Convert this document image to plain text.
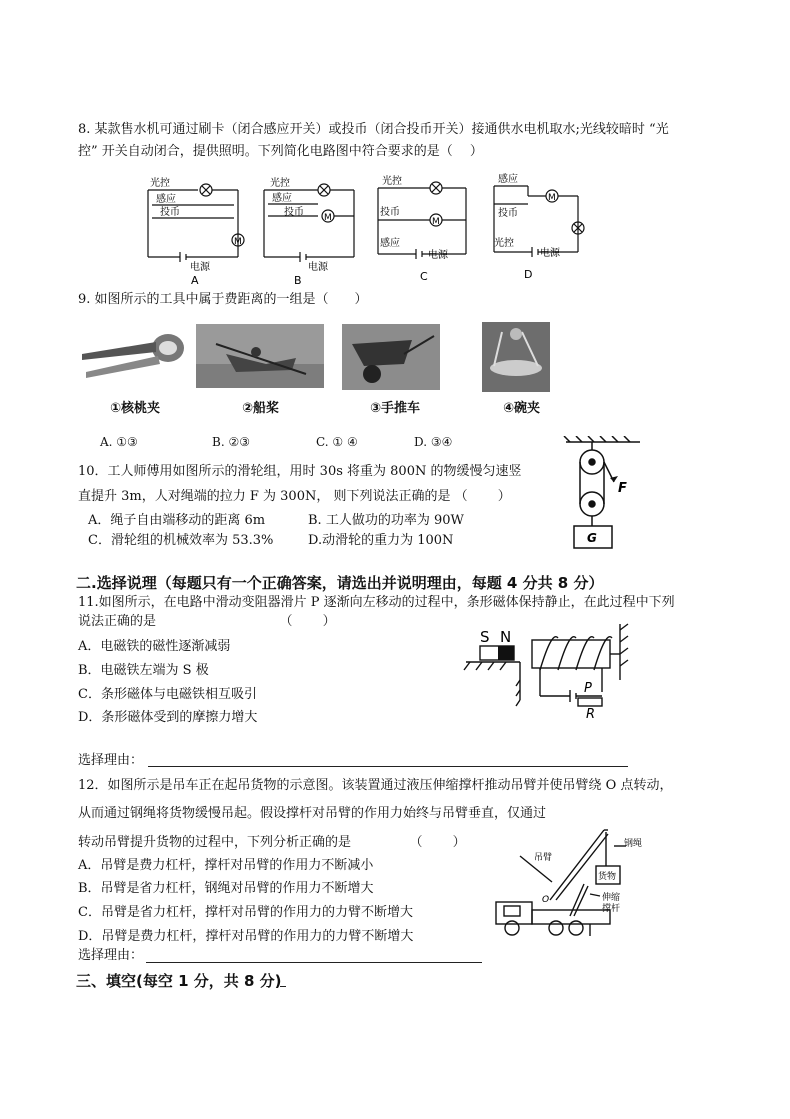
8. 某款售水机可通过刷卡（闭合感应开关）或投币（闭合投币开关）接通供水电机取水;光线较暗时 “光
控” 开关自动闭合，提供照明。下列简化电路图中符合要求的是（　 ）
光控
感应
投币
M
电源
A
光控
感应
投币 M
电源
B
光控
投币
感应
M
电源
C
感应
投币
光控
M
电源
D
9. 如图所示的工具中属于费距离的一组是（　　）
①核桃夹	②船桨	③手推车	④碗夹
A. ①③	B. ②③	C. ① ④	D. ③④
10．工人师傅用如图所示的滑轮组，用时 30s 将重为 800N 的物缓慢匀速竖
直提升 3m，人对绳端的拉力 F 为 300N， 则下列说法正确的是 （　　 ）
A．绳子自由端移动的距离 6m	B. 工人做功的功率为 90W
C．滑轮组的机械效率为 53.3%	D.动滑轮的重力为 100N
F
G
二.选择说理（每题只有一个正确答案，请选出并说明理由，每题 4 分共 8 分）
11.如图所示，在电路中滑动变阻器滑片 P 逐渐向左移动的过程中，条形磁体保持静止，在此过程中下列
说法正确的是　　　　　　　　　　（　　 ）
A．电磁铁的磁性逐渐减弱
B．电磁铁左端为 S 极
C．条形磁体与电磁铁相互吸引
D．条形磁体受到的摩擦力增大
S N
P
R
选择理由：
12．如图所示是吊车正在起吊货物的示意图。该装置通过液压伸缩撑杆推动吊臂并使吊臂绕 O 点转动，
从而通过钢绳将货物缓慢吊起。假设撑杆对吊臂的作用力始终与吊臂垂直，仅通过
转动吊臂提升货物的过程中，下列分析正确的是　　　　　（　　 ）
A．吊臂是费力杠杆，撑杆对吊臂的作用力不断减小
B．吊臂是省力杠杆，钢绳对吊臂的作用力不断增大
C．吊臂是省力杠杆，撑杆对吊臂的作用力的力臂不断增大
D．吊臂是费力杠杆，撑杆对吊臂的作用力的力臂不断增大
选择理由：
吊臂
钢绳
货物
伸缩
撑杆
O
三、填空(每空 1 分，共 8 分)
